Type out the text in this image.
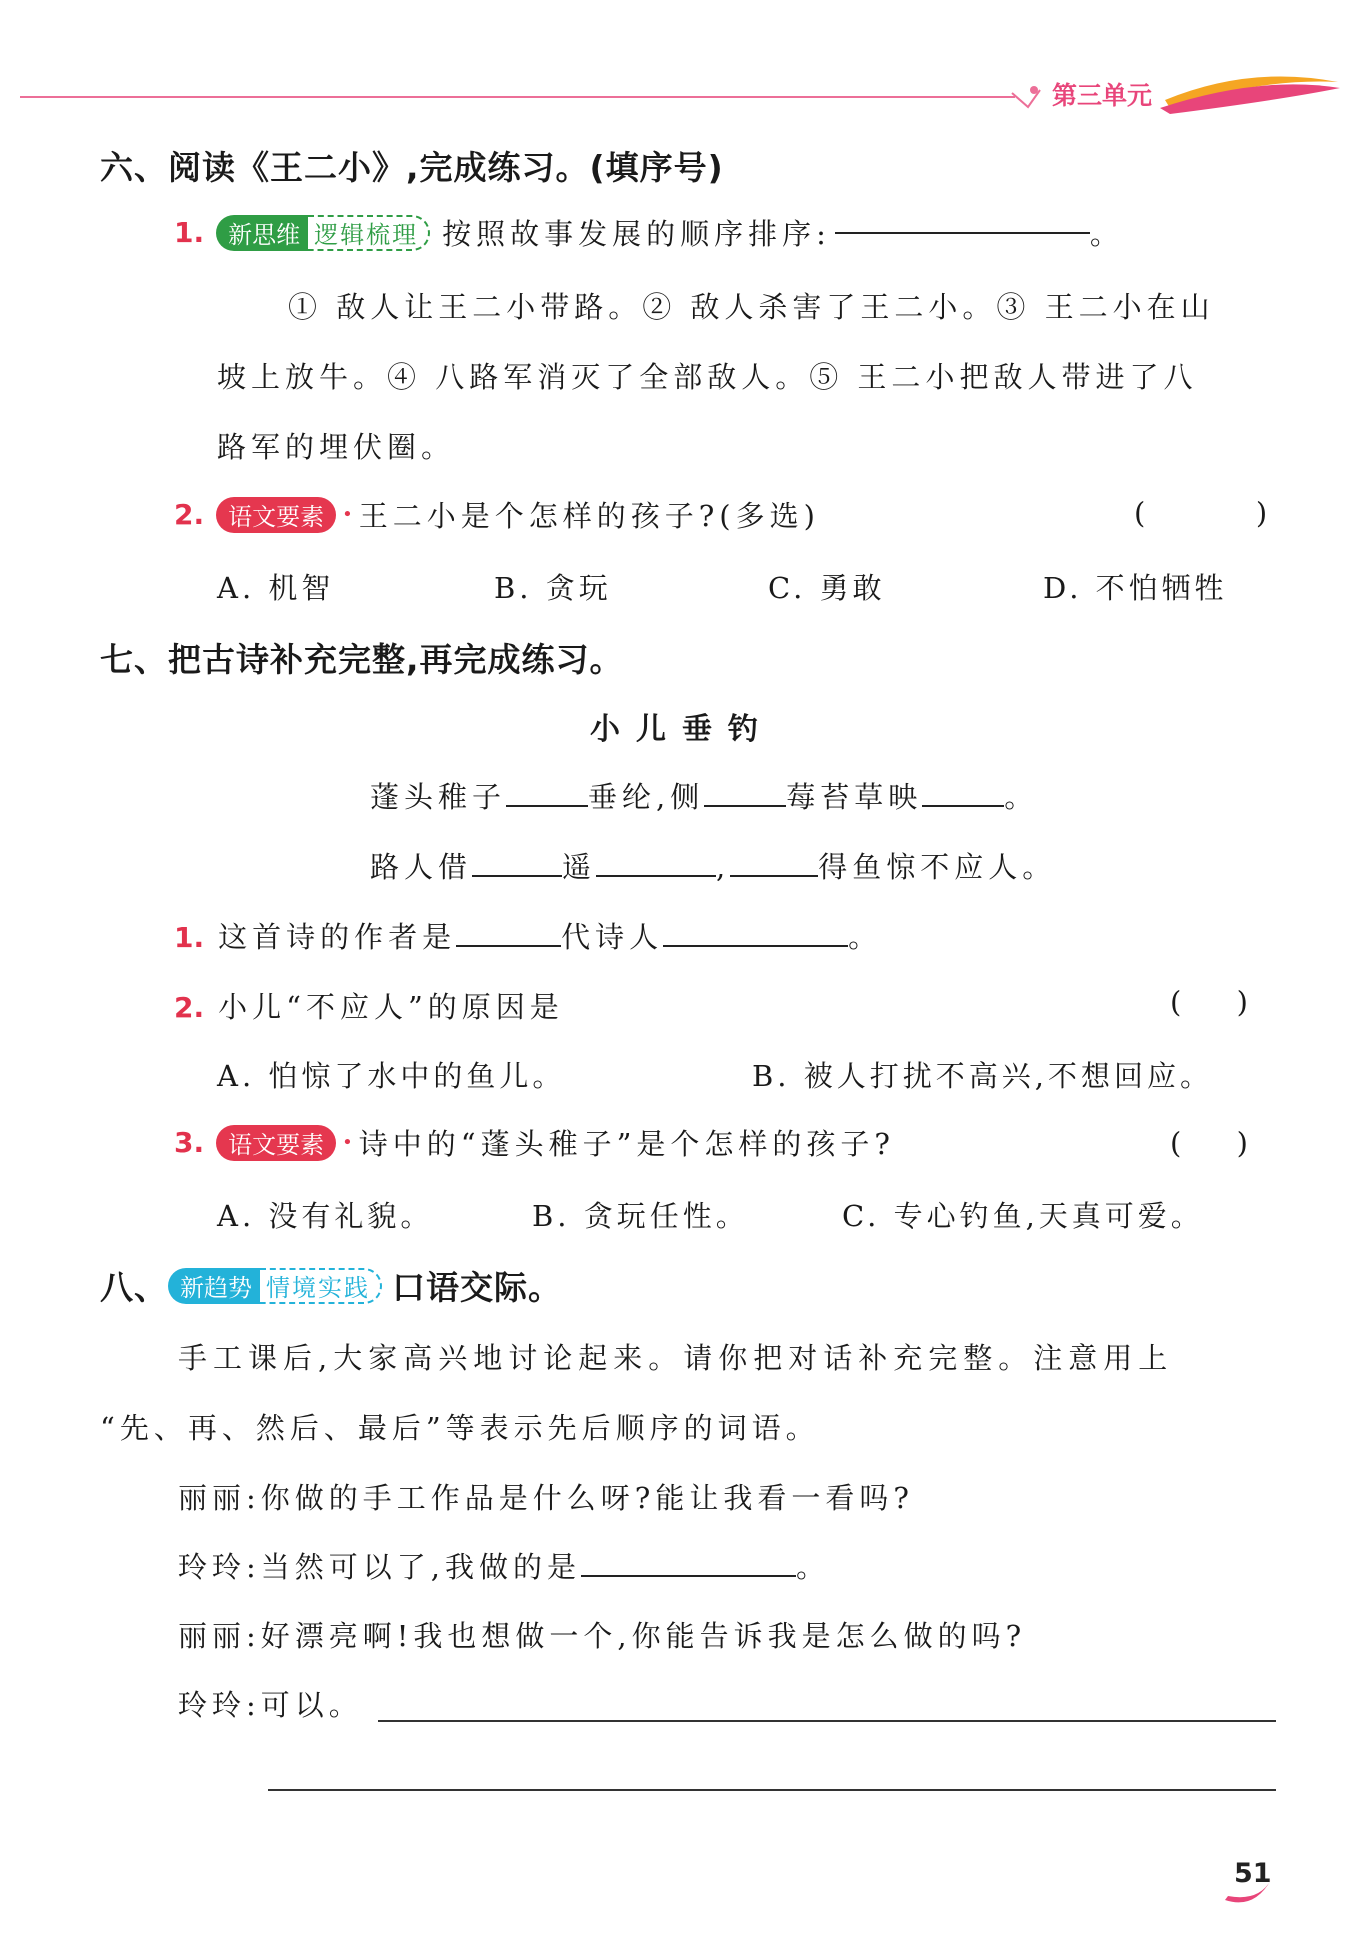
第三单元
六、阅读《王二小》,完成练习。(填序号)
1.	新思维 逻辑梳理 按照故事发展的顺序排序:	。
① 敌人让王二小带路。② 敌人杀害了王二小。③ 王二小在山
坡上放牛。④ 八路军消灭了全部敌人。⑤ 王二小把敌人带进了八
路军的埋伏圈。
2.	语文要素	• 王二小是个怎样的孩子?(多选)	(            )
A. 机智	B. 贪玩	C. 勇敢	D. 不怕牺牲
七、把古诗补充完整,再完成练习。
小儿垂钓
蓬头稚子	垂纶,侧	莓苔草映	。
路人借	遥	,	得鱼惊不应人。
1. 这首诗的作者是	代诗人	。
2. 小儿“不应人”的原因是	(      )
A. 怕惊了水中的鱼儿。	B. 被人打扰不高兴,不想回应。
3.	语文要素	• 诗中的“蓬头稚子”是个怎样的孩子?	(      )
A. 没有礼貌。	B. 贪玩任性。	C. 专心钓鱼,天真可爱。
八、 新趋势 情境实践 口语交际。
手工课后,大家高兴地讨论起来。请你把对话补充完整。注意用上
“先、再、然后、最后”等表示先后顺序的词语。
丽丽:你做的手工作品是什么呀?能让我看一看吗?
玲玲:当然可以了,我做的是	。
丽丽:好漂亮啊!我也想做一个,你能告诉我是怎么做的吗?
玲玲:可以。
51
